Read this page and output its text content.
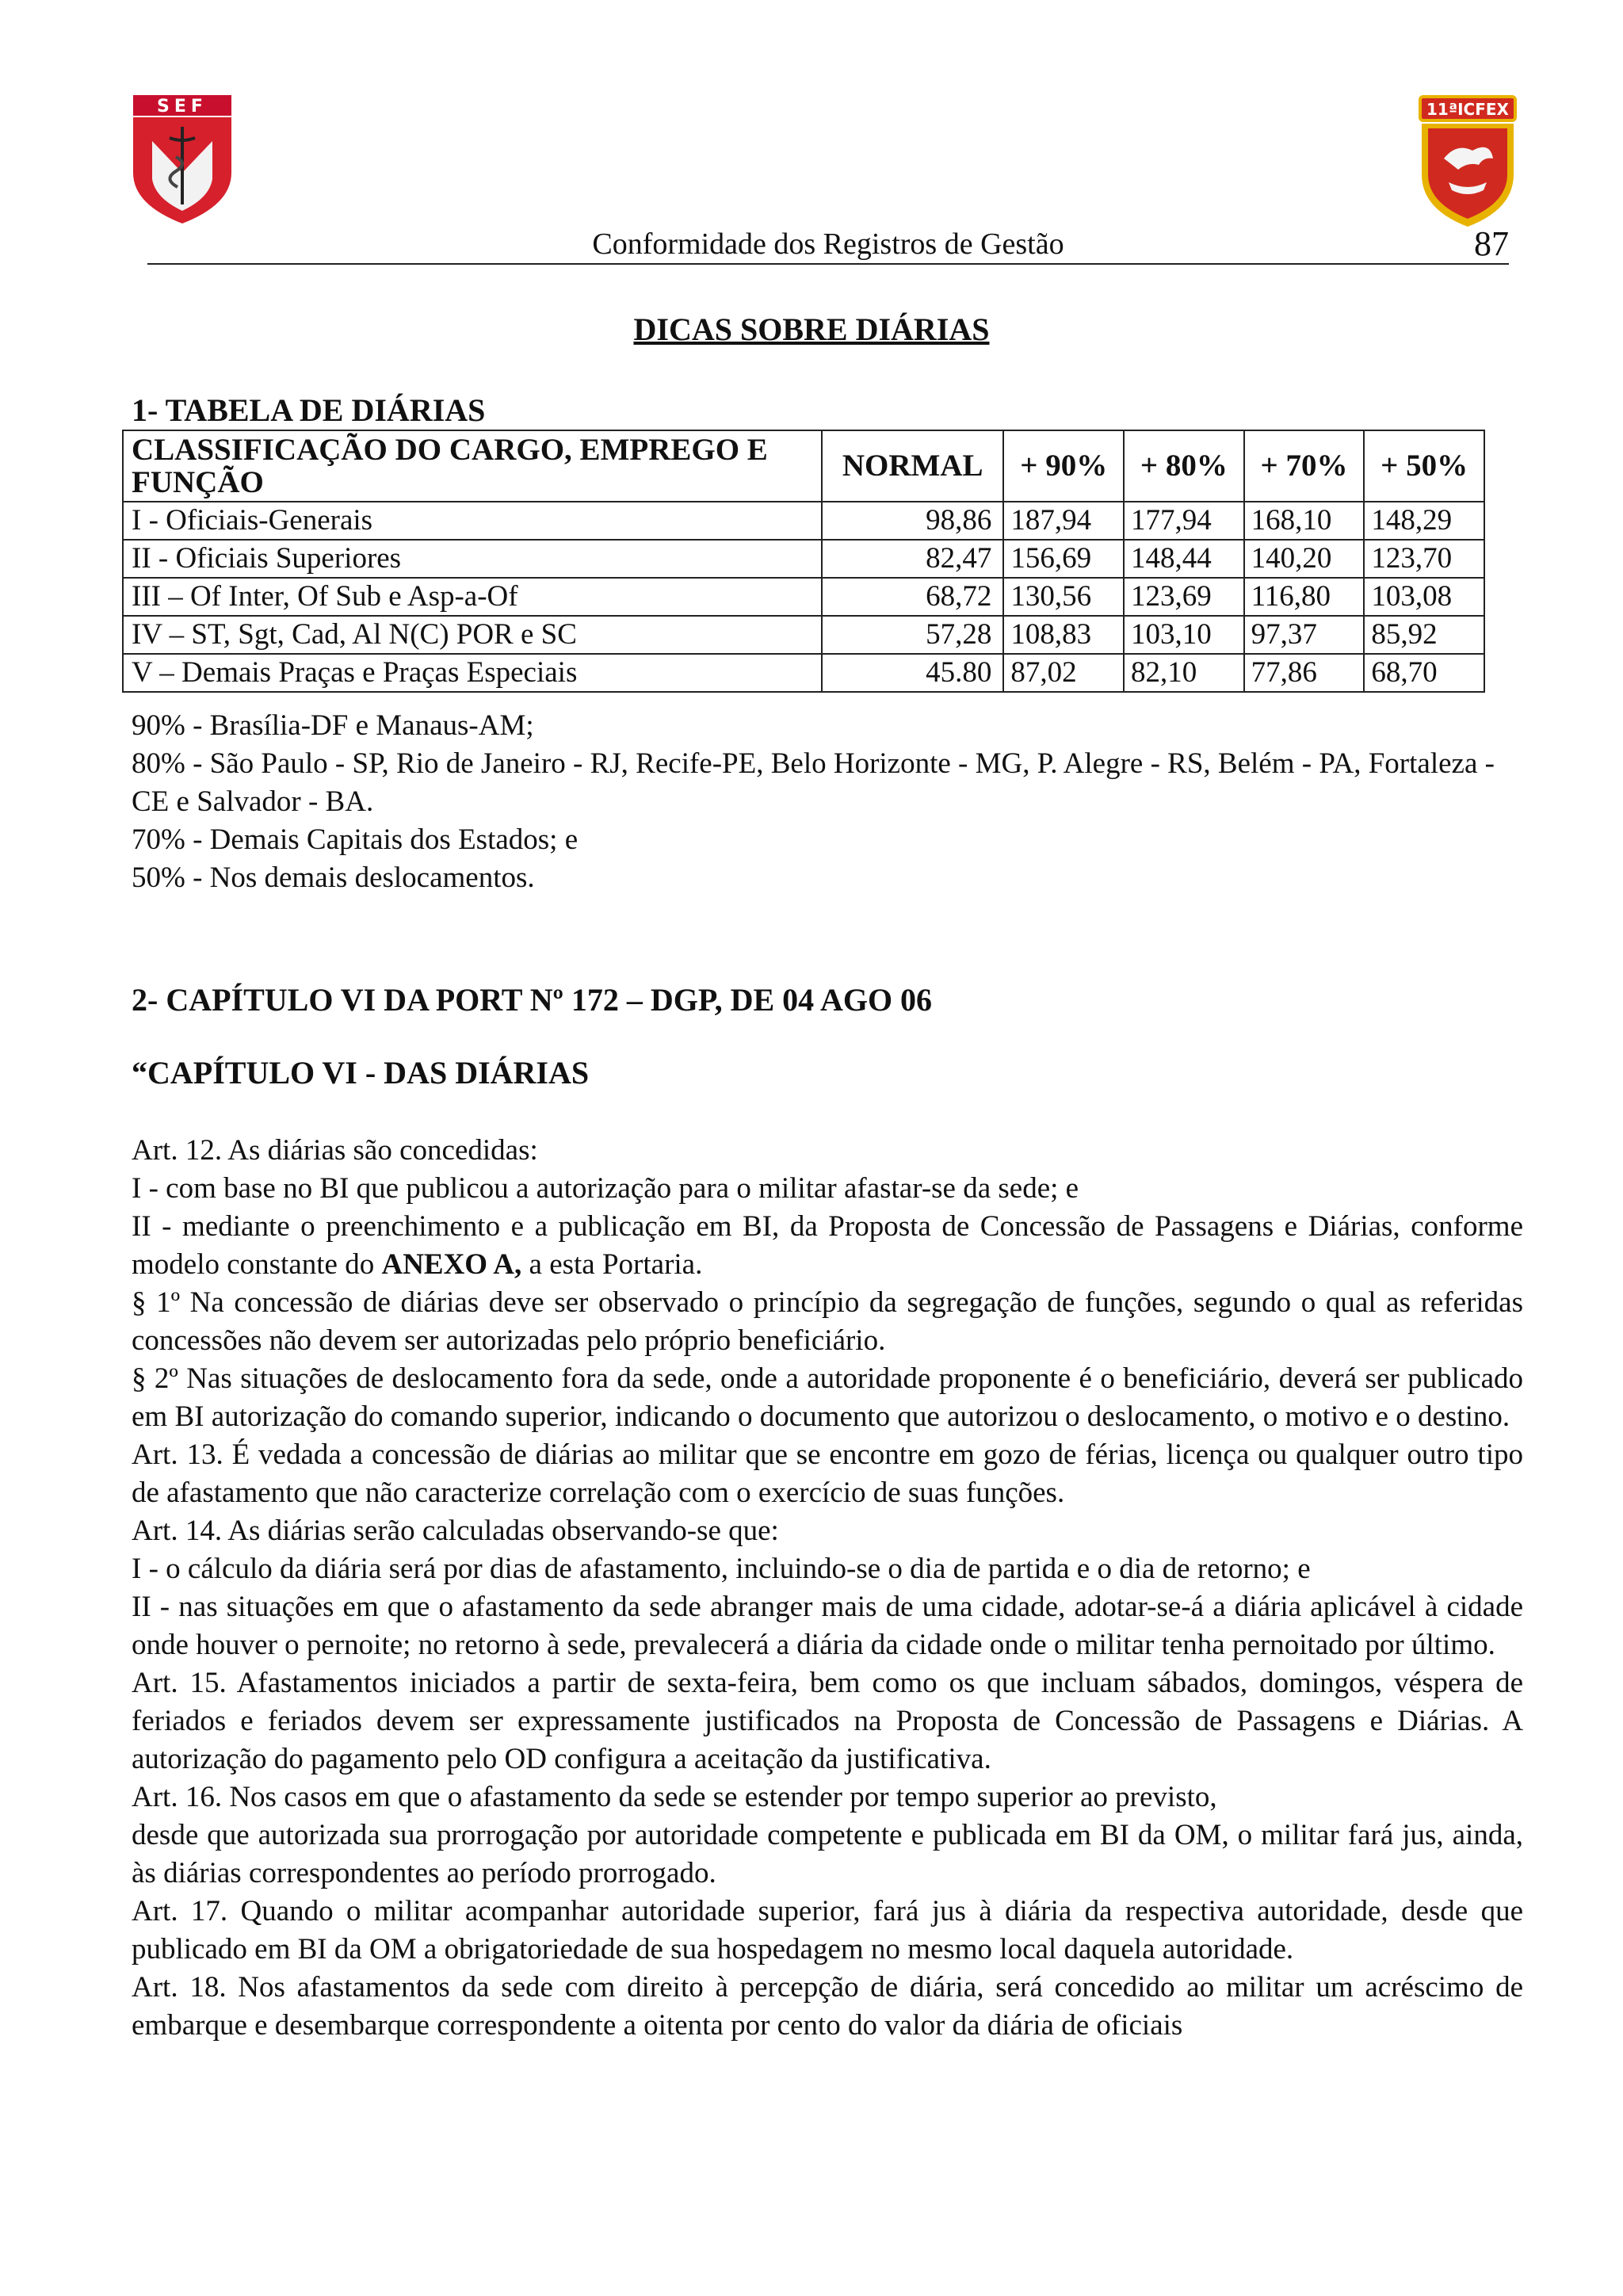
SEF	11ªICFEX
Conformidade dos Registros de Gestão	87
DICAS SOBRE DIÁRIAS
1- TABELA DE DIÁRIAS
CLASSIFICAÇÃO DO CARGO, EMPREGO E FUNÇÃO	NORMAL	+ 90%	+ 80%	+ 70%	+ 50%
I - Oficiais-Generais	98,86	187,94	177,94	168,10	148,29
II - Oficiais Superiores	82,47	156,69	148,44	140,20	123,70
III – Of Inter, Of Sub e Asp-a-Of	68,72	130,56	123,69	116,80	103,08
IV – ST, Sgt, Cad, Al N(C) POR e SC	57,28	108,83	103,10	97,37	85,92
V – Demais Praças e Praças Especiais	45.80	87,02	82,10	77,86	68,70

90% - Brasília-DF e Manaus-AM;

80% - São Paulo - SP, Rio de Janeiro - RJ, Recife-PE, Belo Horizonte - MG, P. Alegre - RS, Belém - PA, Fortaleza - CE e Salvador - BA.

70% - Demais Capitais dos Estados; e

50% - Nos demais deslocamentos.

2- CAPÍTULO VI DA PORT Nº 172 – DGP, DE 04 AGO 06
“CAPÍTULO VI - DAS DIÁRIAS

Art. 12. As diárias são concedidas:

I - com base no BI que publicou a autorização para o militar afastar-se da sede; e

II - mediante o preenchimento e a publicação em BI, da Proposta de Concessão de Passagens e Diárias, conforme modelo constante do ANEXO A, a esta Portaria.

§ 1º Na concessão de diárias deve ser observado o princípio da segregação de funções, segundo o qual as referidas concessões não devem ser autorizadas pelo próprio beneficiário.

§ 2º Nas situações de deslocamento fora da sede, onde a autoridade proponente é o beneficiário, deverá ser publicado em BI autorização do comando superior, indicando o documento que autorizou o deslocamento, o motivo e o destino.

Art. 13. É vedada a concessão de diárias ao militar que se encontre em gozo de férias, licença ou qualquer outro tipo de afastamento que não caracterize correlação com o exercício de suas funções.

Art. 14. As diárias serão calculadas observando-se que:

I - o cálculo da diária será por dias de afastamento, incluindo-se o dia de partida e o dia de retorno; e

II - nas situações em que o afastamento da sede abranger mais de uma cidade, adotar-se-á a diária aplicável à cidade onde houver o pernoite; no retorno à sede, prevalecerá a diária da cidade onde o militar tenha pernoitado por último.

Art. 15. Afastamentos iniciados a partir de sexta-feira, bem como os que incluam sábados, domingos, véspera de feriados e feriados devem ser expressamente justificados na Proposta de Concessão de Passagens e Diárias. A autorização do pagamento pelo OD configura a aceitação da justificativa.

Art. 16. Nos casos em que o afastamento da sede se estender por tempo superior ao previsto,

desde que autorizada sua prorrogação por autoridade competente e publicada em BI da OM, o militar fará jus, ainda, às diárias correspondentes ao período prorrogado.

Art. 17. Quando o militar acompanhar autoridade superior, fará jus à diária da respectiva autoridade, desde que publicado em BI da OM a obrigatoriedade de sua hospedagem no mesmo local daquela autoridade.

Art. 18. Nos afastamentos da sede com direito à percepção de diária, será concedido ao militar um acréscimo de embarque e desembarque correspondente a oitenta por cento do valor da diária de oficiais
